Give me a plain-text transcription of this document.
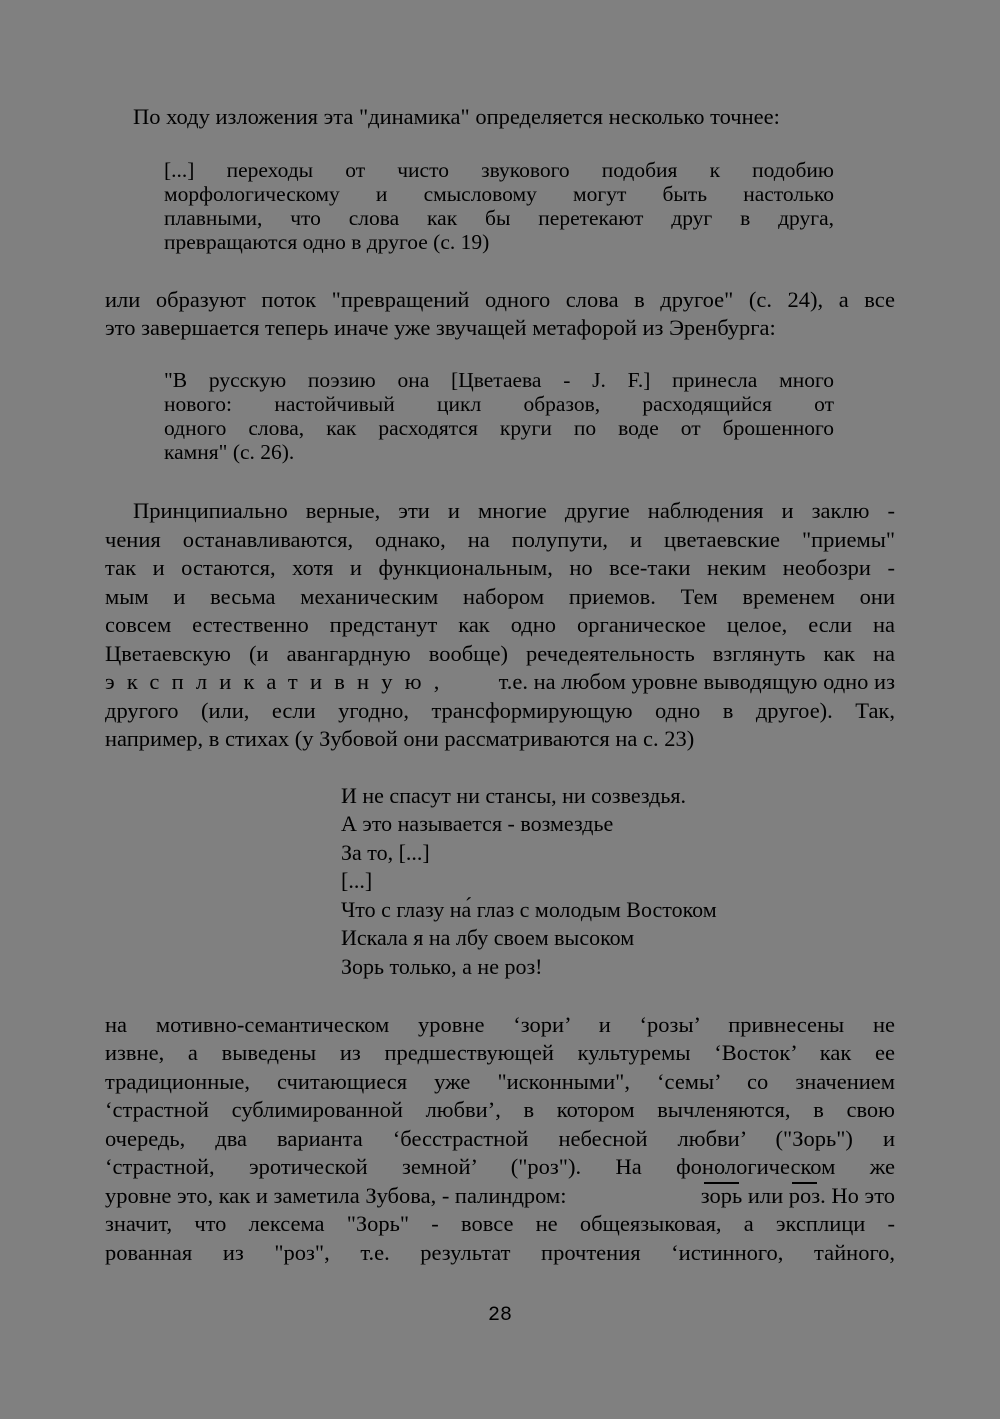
По ходу изложения эта "динамика" определяется несколько точнее:
[...] переходы от чисто звукового подобия к подобию
морфологическому и смысловому могут быть настолько
плавными, что слова как бы перетекают друг в друга,
превращаются одно в другое (с. 19)
или образуют поток "превращений одного слова в другое" (с. 24), а все
это завершается теперь иначе уже звучащей метафорой из Эренбурга:
"В русскую поэзию она [Цветаева - J. F.] принесла много
нового: настойчивый цикл образов, расходящийся от
одного слова, как расходятся круги по воде от брошенного
камня" (с. 26).
Принципиально верные, эти и многие другие наблюдения и заклю -
чения останавливаются, однако, на полупути, и цветаевские "приемы"
так и остаются, хотя и функциональным, но все-таки неким необозри -
мым и весьма механическим набором приемов. Тем временем они
совсем естественно предстанут как одно органическое целое, если на
Цветаевскую (и авангардную вообще) речедеятельность взглянуть как на
экспликативную, т.е. на любом уровне выводящую одно из
другого (или, если угодно, трансформирующую одно в другое). Так,
например, в стихах (у Зубовой они рассматриваются на с. 23)
И не спасут ни стансы, ни созвездья.
А это называется - возмездье
За то, [...]
[...]
Что с глазу на́ глаз с молодым Востоком
Искала я на лбу своем высоком
Зорь только, а не роз!
на мотивно-семантическом уровне ‘зори’ и ‘розы’ привнесены не
извне, а выведены из предшествующей культуремы ‘Восток’ как ее
традиционные, считающиеся уже "исконными", ‘семы’ со значением
‘страстной сублимированной любви’, в котором вычленяются, в свою
очередь, два варианта ‘бесстрастной небесной любви’ ("Зорь") и
‘страстной, эротической земной’ ("роз"). На фонологическом же
уровне это, как и заметила Зубова, - палиндром:	зорь или роз. Но это
значит, что лексема "Зорь" - вовсе не общеязыковая, а эксплици -
рованная из "роз", т.е. результат прочтения ‘истинного, тайного,
28
